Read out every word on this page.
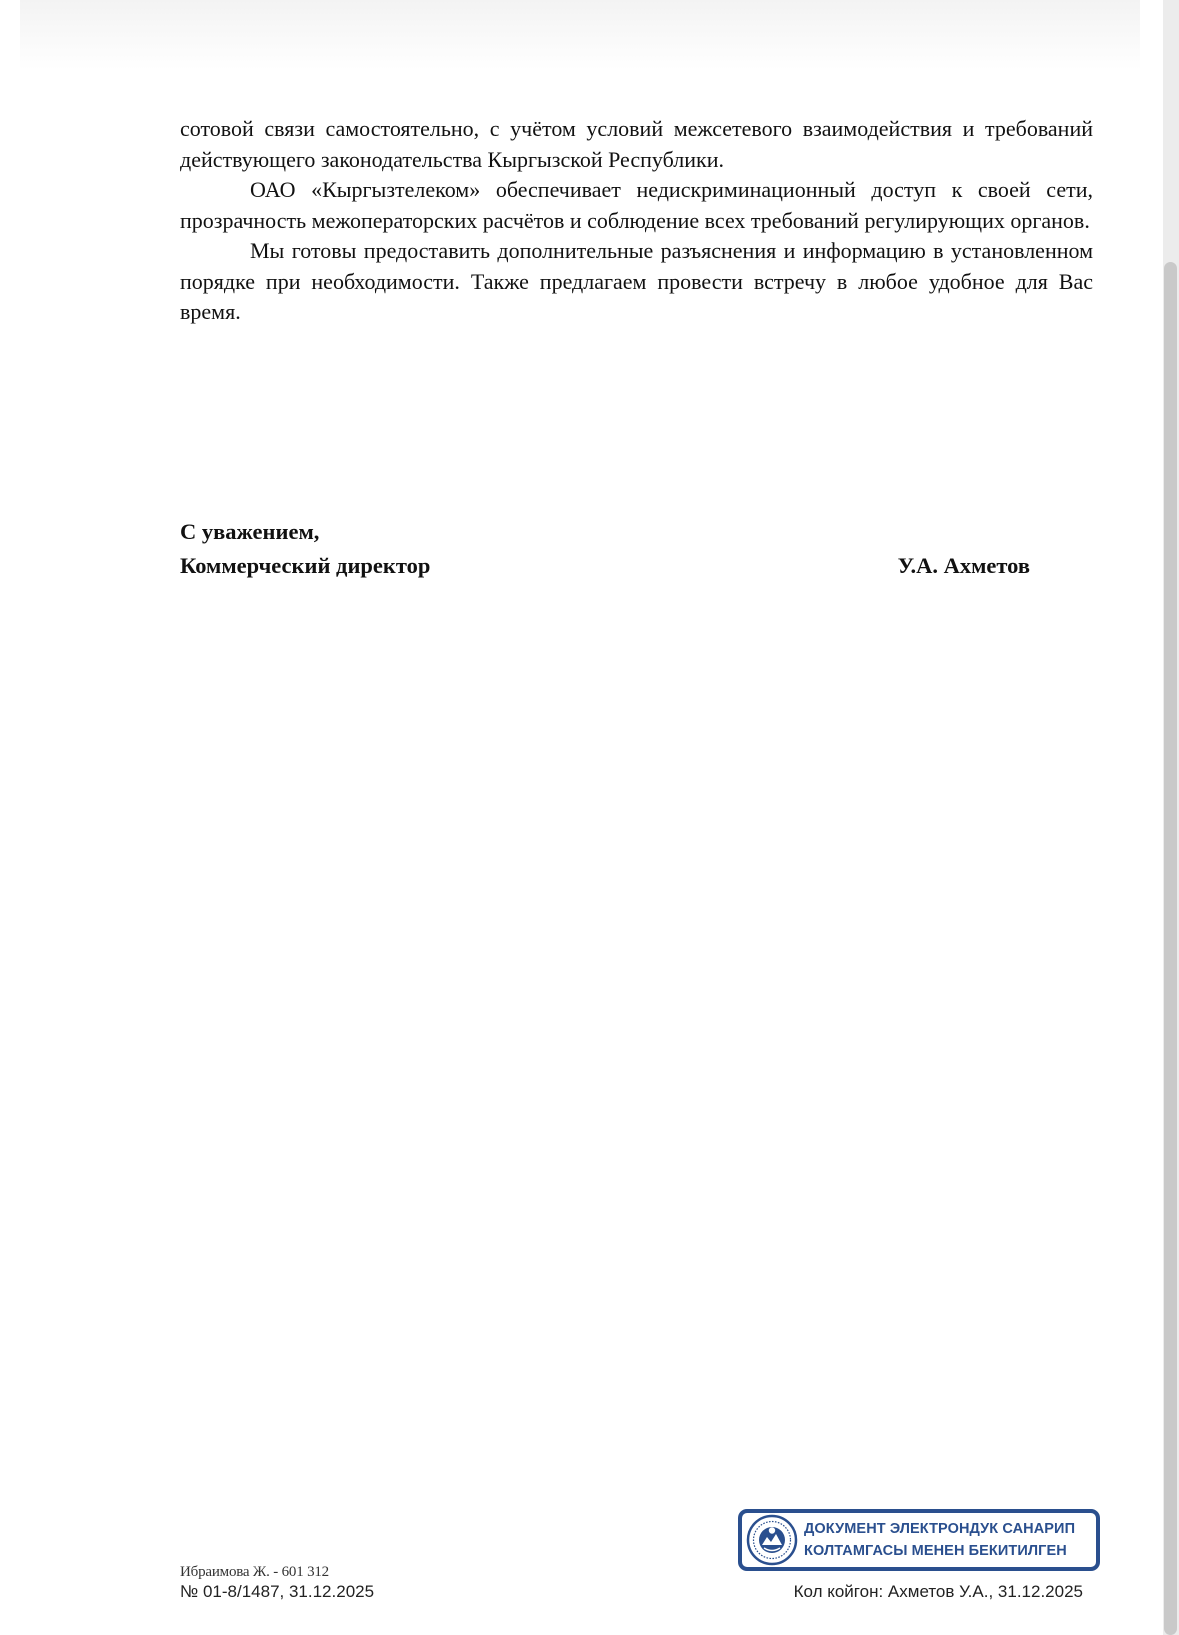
сотовой связи самостоятельно, с учётом условий межсетевого взаимодействия и требований действующего законодательства Кыргызской Республики.

ОАО «Кыргызтелеком» обеспечивает недискриминационный доступ к своей сети, прозрачность межоператорских расчётов и соблюдение всех требований регулирующих органов.

Мы готовы предоставить дополнительные разъяснения и информацию в установленном порядке при необходимости. Также предлагаем провести встречу в любое удобное для Вас время.

С уважением,
Коммерческий директор	У.А. Ахметов
ДОКУМЕНТ ЭЛЕКТРОНДУК САНАРИП
КОЛТАМГАСЫ МЕНЕН БЕКИТИЛГЕН
Ибраимова Ж. - 601 312
№ 01-8/1487, 31.12.2025	Кол койгон: Ахметов У.А., 31.12.2025
